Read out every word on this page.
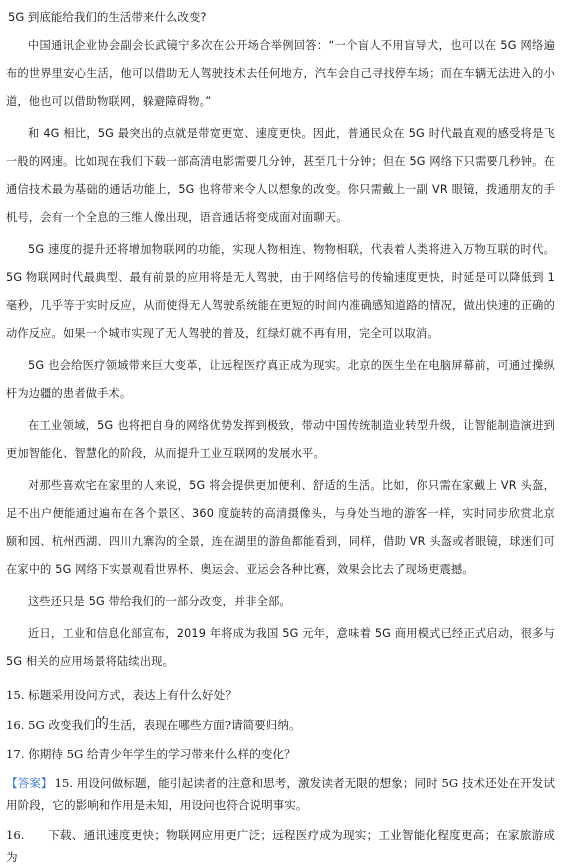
5G 到底能给我们的生活带来什么改变?

中国通讯企业协会副会长武镜宁多次在公开场合举例回答：“一个盲人不用盲导犬，也可以在 5G 网络遍布的世界里安心生活，他可以借助无人驾驶技术去任何地方，汽车会自己寻找停车场；而在车辆无法进入的小道，他也可以借助物联网，躲避障碍物。”

和 4G 相比，5G 最突出的点就是带宽更宽、速度更快。因此，普通民众在 5G 时代最直观的感受将是飞一般的网速。比如现在我们下载一部高清电影需要几分钟，甚至几十分钟；但在 5G 网络下只需要几秒钟。在通信技术最为基础的通话功能上，5G 也将带来令人以想象的改变。你只需戴上一副 VR 眼镜，拨通朋友的手机号，会有一个全息的三维人像出现，语音通话将变成面对面聊天。

5G 速度的提升还将增加物联网的功能，实现人物相连、物物相联，代表着人类将进入万物互联的时代。5G 物联网时代最典型、最有前景的应用将是无人驾驶，由于网络信号的传输速度更快，时延是可以降低到 1 毫秒，几乎等于实时反应，从而使得无人驾驶系统能在更短的时间内准确感知道路的情况，做出快速的正确的动作反应。如果一个城市实现了无人驾驶的普及，红绿灯就不再有用，完全可以取消。

5G 也会给医疗领域带来巨大变革，让远程医疗真正成为现实。北京的医生坐在电脑屏幕前，可通过操纵杆为边疆的患者做手术。

在工业领域，5G 也将把自身的网络优势发挥到极致，带动中国传统制造业转型升级，让智能制造演进到更加智能化、智慧化的阶段，从而提升工业互联网的发展水平。

对那些喜欢宅在家里的人来说，5G 将会提供更加便利、舒适的生活。比如，你只需在家戴上 VR 头盔，足不出户便能通过遍布在各个景区、360 度旋转的高清摄像头，与身处当地的游客一样，实时同步欣赏北京颐和园、杭州西湖、四川九寨沟的全景，连在湖里的游鱼都能看到，同样，借助 VR 头盔或者眼镜，球迷们可在家中的 5G 网络下实景观看世界杯、奥运会、亚运会各种比赛，效果会比去了现场更震撼。

这些还只是 5G 带给我们的一部分改变，并非全部。

近日，工业和信息化部宣布，2019 年将成为我国 5G 元年，意味着 5G 商用模式已经正式启动，很多与 5G 相关的应用场景将陆续出现。

15. 标题采用设问方式，表达上有什么好处？
16. 5G 改变我们的生活，表现在哪些方面?请简要归纳。
17. 你期待 5G 给青少年学生的学习带来什么样的变化？
【答案】 15. 用设问做标题，能引起读者的注意和思考，激发读者无限的想象；同时 5G 技术还处在开发试用阶段，它的影响和作用是未知，用设问也符合说明事实。
16.　　下载、通讯速度更快；物联网应用更广泛；远程医疗成为现实；工业智能化程度更高；在家旅游成为
